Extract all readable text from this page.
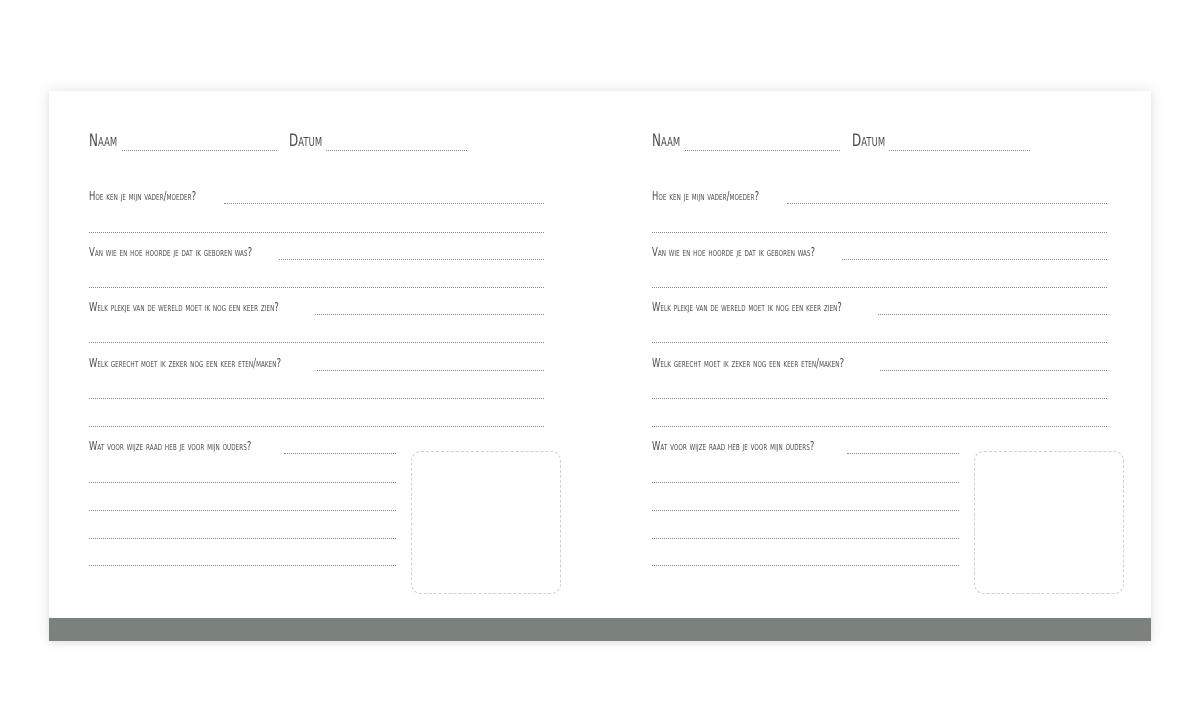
Naam	Datum
Hoe ken je mijn vader/moeder?
Van wie en hoe hoorde je dat ik geboren was?
Welk plekje van de wereld moet ik nog een keer zien?
Welk gerecht moet ik zeker nog een keer eten/maken?
Wat voor wijze raad heb je voor mijn ouders?
Naam	Datum
Hoe ken je mijn vader/moeder?
Van wie en hoe hoorde je dat ik geboren was?
Welk plekje van de wereld moet ik nog een keer zien?
Welk gerecht moet ik zeker nog een keer eten/maken?
Wat voor wijze raad heb je voor mijn ouders?
